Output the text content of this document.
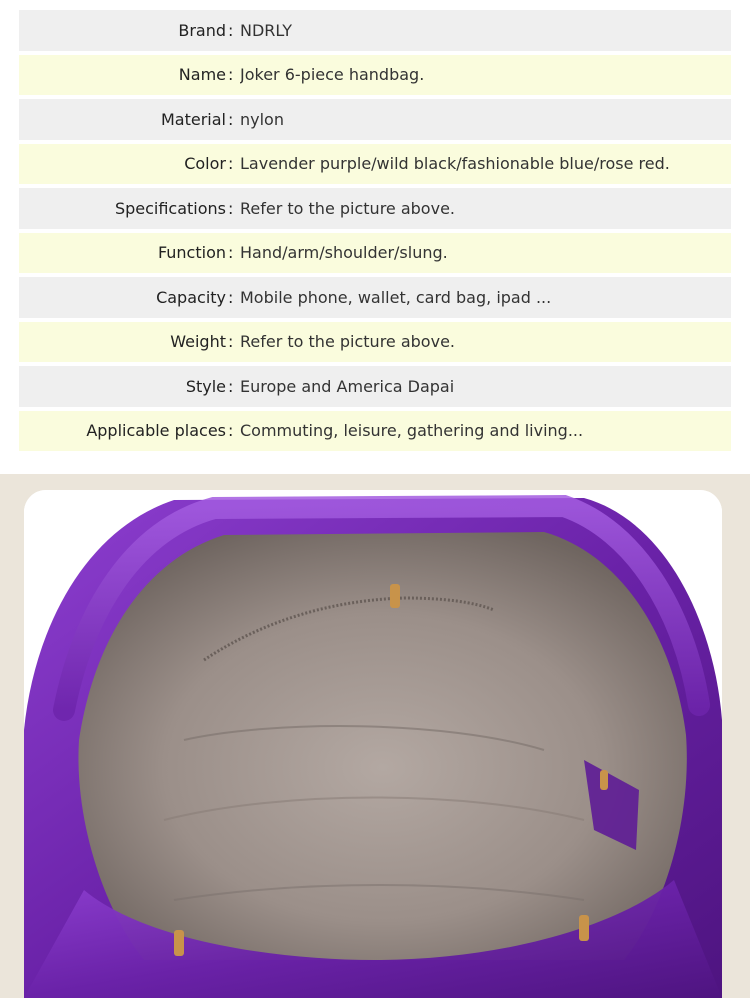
Brand : NDRLY
Name : Joker 6-piece handbag.
Material : nylon
Color : Lavender purple/wild black/fashionable blue/rose red.
Specifications : Refer to the picture above.
Function : Hand/arm/shoulder/slung.
Capacity : Mobile phone, wallet, card bag, ipad ...
Weight : Refer to the picture above.
Style : Europe and America Dapai
Applicable places : Commuting, leisure, gathering and living...
